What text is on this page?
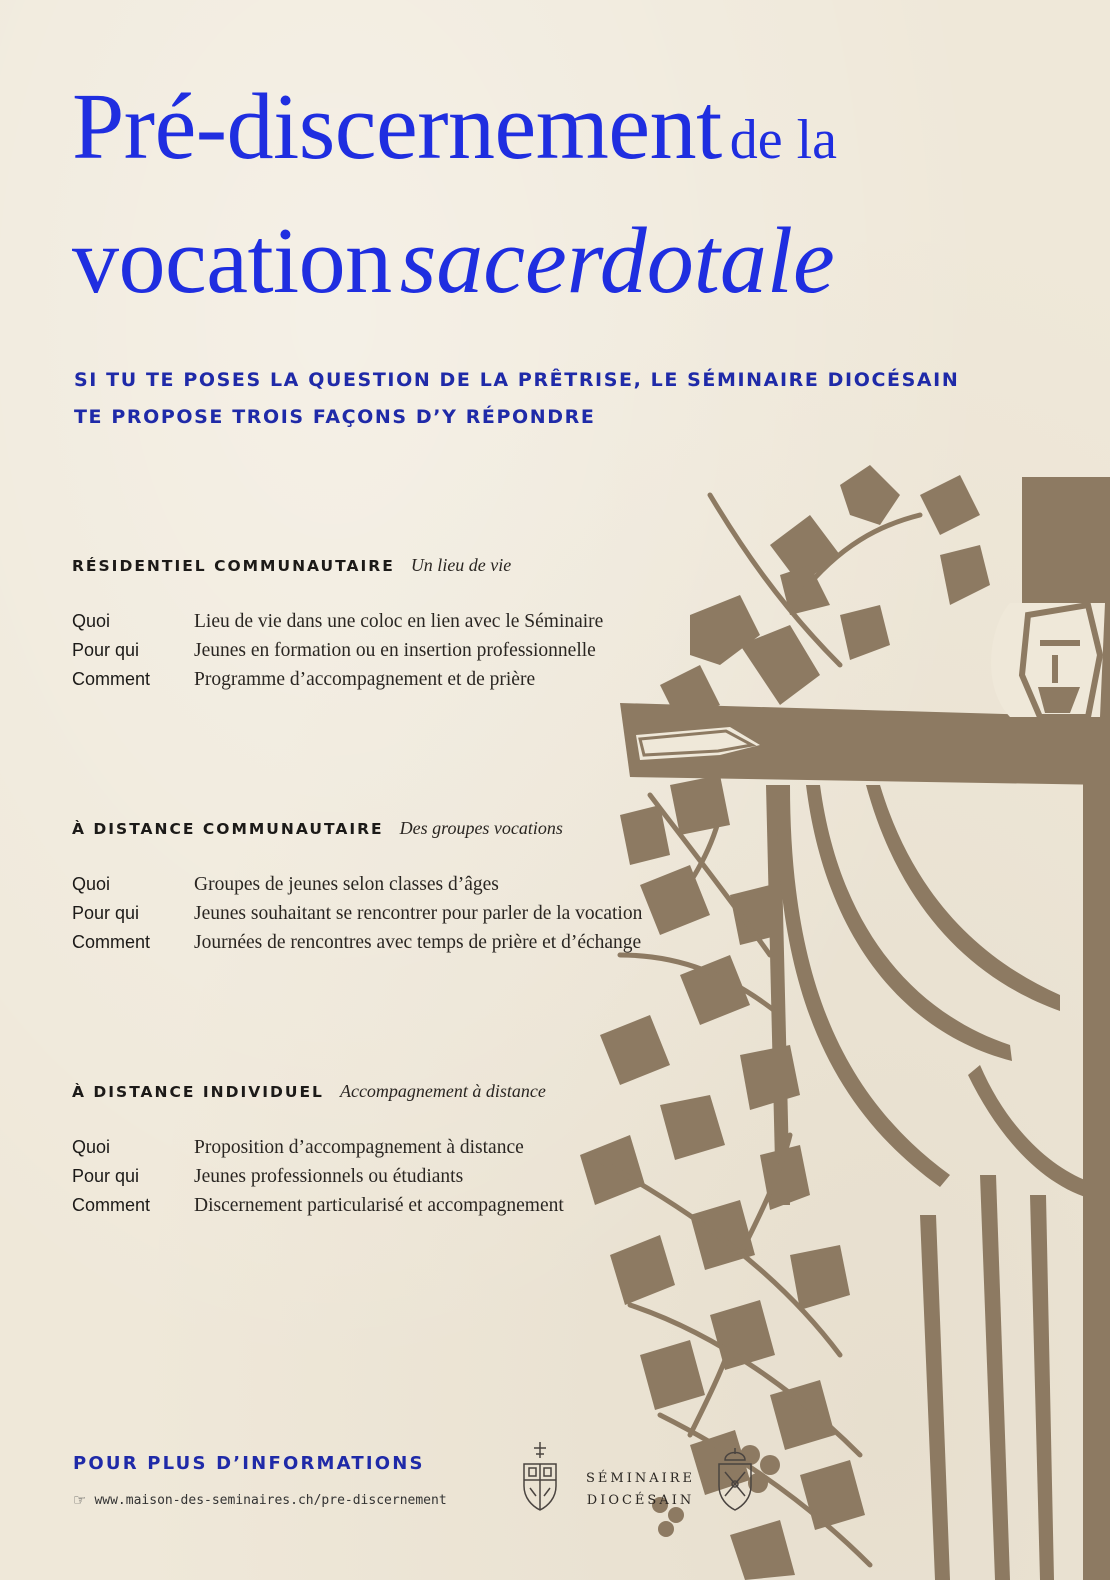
Pré-discernement de la
vocation sacerdotale
SI TU TE POSES LA QUESTION DE LA PRÊTRISE, LE SÉMINAIRE DIOCÉSAIN
TE PROPOSE TROIS FAÇONS D’Y RÉPONDRE
RÉSIDENTIEL COMMUNAUTAIRE Un lieu de vie
Quoi	Lieu de vie dans une coloc en lien avec le Séminaire
Pour qui	Jeunes en formation ou en insertion professionnelle
Comment	Programme d’accompagnement et de prière
À DISTANCE COMMUNAUTAIRE Des groupes vocations
Quoi	Groupes de jeunes selon classes d’âges
Pour qui	Jeunes souhaitant se rencontrer pour parler de la vocation
Comment	Journées de rencontres avec temps de prière et d’échange
À DISTANCE INDIVIDUEL Accompagnement à distance
Quoi	Proposition d’accompagnement à distance
Pour qui	Jeunes professionnels ou étudiants
Comment	Discernement particularisé et accompagnement
POUR PLUS D’INFORMATIONS
☞ www.maison-des-seminaires.ch/pre-discernement
SÉMINAIRE
DIOCÉSAIN
